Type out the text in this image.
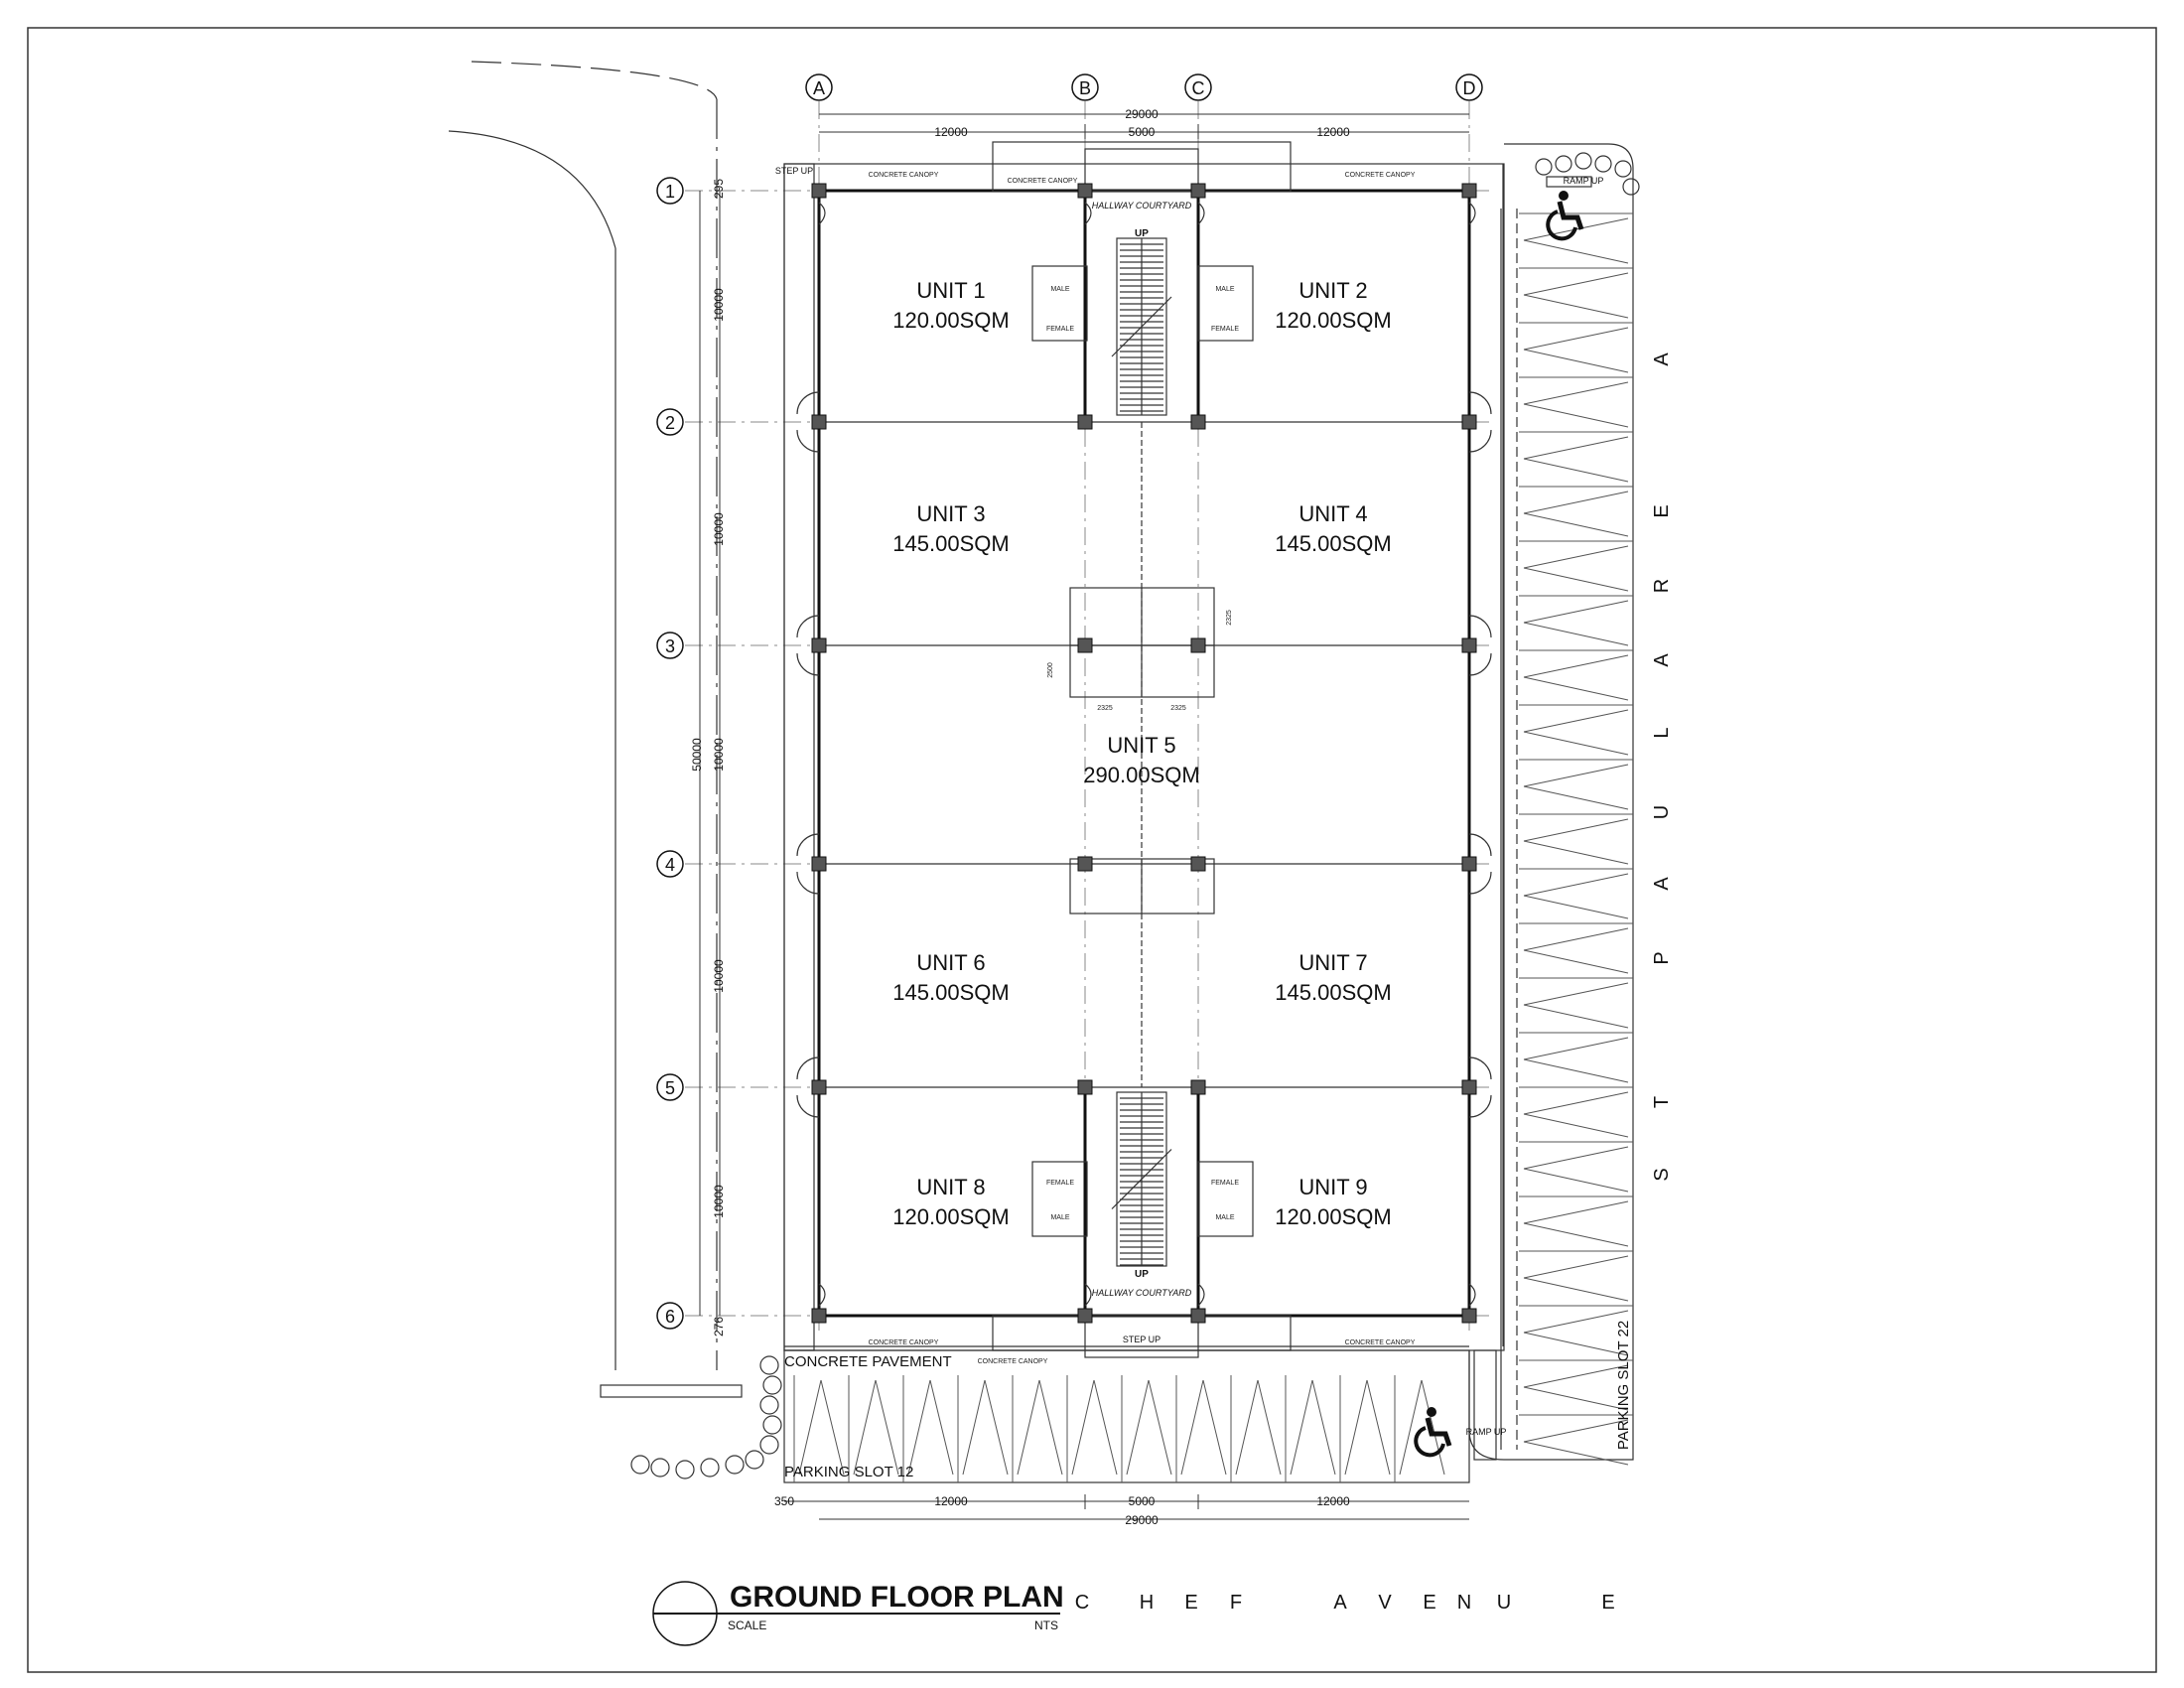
MALE
FEMALE
MALE
FEMALE
FEMALE
MALE
FEMALE
MALE
2325
2500
2325	2325
CONCRETE CANOPY
CONCRETE CANOPY	CONCRETE CANOPY
CONCRETE CANOPY	CONCRETE CANOPY
CONCRETE CANOPY
HALLWAY COURTYARD
UP
UP
HALLWAY COURTYARD
STEP UP
STEP UP
UNIT 1
120.00SQM
UNIT 2
120.00SQM
UNIT 3
145.00SQM
UNIT 4
145.00SQM
UNIT 5
290.00SQM
UNIT 6
145.00SQM
UNIT 7
145.00SQM
UNIT 8
120.00SQM
UNIT 9
120.00SQM
RAMP UP
RAMP UP
CONCRETE PAVEMENT
PARKING SLOT 12
PARKING SLOT 22
29000
12000	5000	12000
12000	5000	12000
29000
350
50000
10000
10000
10000
10000
10000
295
276
A	B	C	D
1
2
3
4
5
6
S
T
P
A
U
L
A
R
E
A
C	H E F	A V E N U	E
GROUND FLOOR PLAN
SCALE	NTS
